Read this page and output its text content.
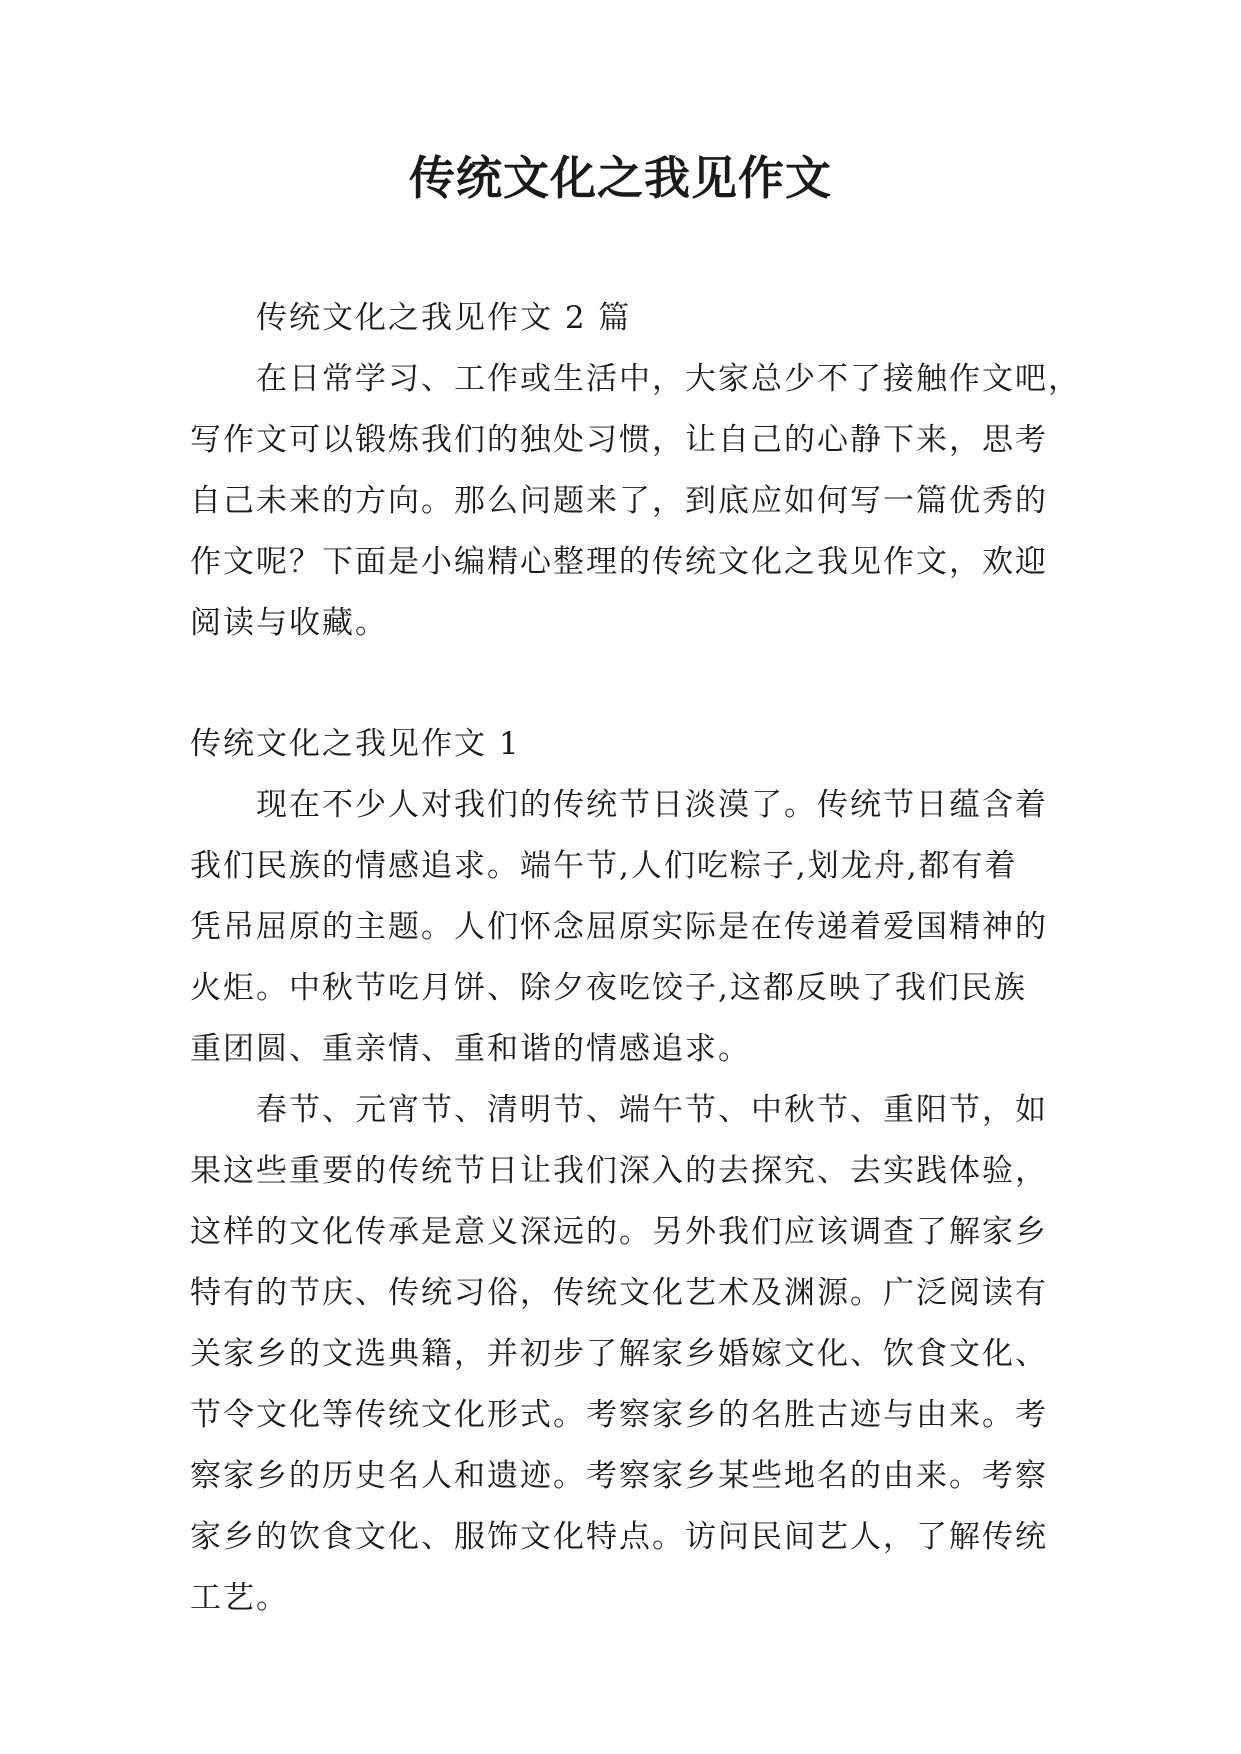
传统文化之我见作文

传统文化之我见作文 2 篇

在日常学习、工作或生活中，大家总少不了接触作文吧，

写作文可以锻炼我们的独处习惯，让自己的心静下来，思考

自己未来的方向。那么问题来了，到底应如何写一篇优秀的

作文呢？下面是小编精心整理的传统文化之我见作文，欢迎

阅读与收藏。

传统文化之我见作文 1

现在不少人对我们的传统节日淡漠了。传统节日蕴含着

我们民族的情感追求。端午节,人们吃粽子,划龙舟,都有着

凭吊屈原的主题。人们怀念屈原实际是在传递着爱国精神的

火炬。中秋节吃月饼、除夕夜吃饺子,这都反映了我们民族

重团圆、重亲情、重和谐的情感追求。

春节、元宵节、清明节、端午节、中秋节、重阳节，如

果这些重要的传统节日让我们深入的去探究、去实践体验，

这样的文化传承是意义深远的。另外我们应该调查了解家乡

特有的节庆、传统习俗，传统文化艺术及渊源。广泛阅读有

关家乡的文选典籍，并初步了解家乡婚嫁文化、饮食文化、

节令文化等传统文化形式。考察家乡的名胜古迹与由来。考

察家乡的历史名人和遗迹。考察家乡某些地名的由来。考察

家乡的饮食文化、服饰文化特点。访问民间艺人，了解传统

工艺。
